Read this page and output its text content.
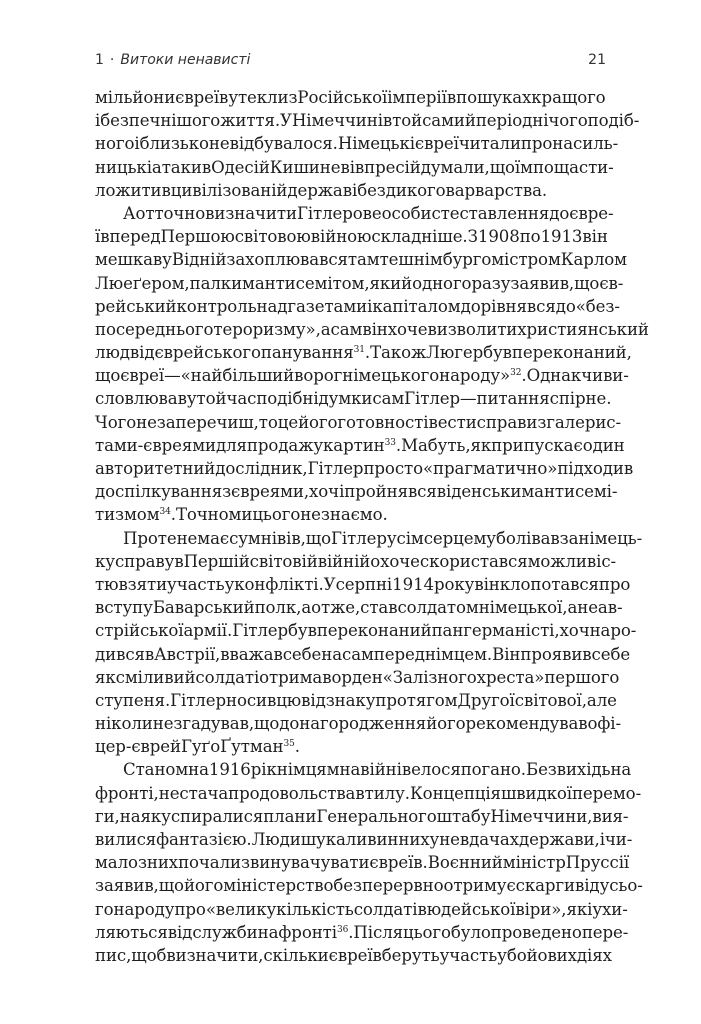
1 · Витоки ненависті	21
мільйони євреїв утекли з Російської імперії в пошуках кращого
і безпечнішого життя. У Німеччині в той самий період нічого подіб-
ного і близько не відбувалося. Німецькі євреї читали про насиль-
ницькі атаки в Одесі й Кишиневі в пресі й думали, що їм пощасти-
ло жити в цивілізованій державі без дикого варварства.
А от точно визначити Гітлерове особисте ставлення до євре-
їв перед Першою світовою війною складніше. З 1908 по 1913 він
мешкав у Відні й захоплювався тамтешнім бургомістром Карлом
Люеґером, палким антисемітом, який одного разу заявив, що єв-
рейський контроль над газетами і капіталом дорівнявся до «без-
посереднього тероризму», а сам він хоче визволити християнський
люд від єврейського панування$^{31}$. Також Люгер був переконаний,
що євреї — «найбільший ворог німецького народу»$^{32}$. Однак чи ви-
словлював у той час подібні думки сам Гітлер — питання спірне.
Чого не заперечиш, то це його готовності вести справи з галерис-
тами-євреями для продажу картин$^{33}$. Мабуть, як припускає один
авторитетний дослідник, Гітлер просто «прагматично» підходив
до спілкування з євреями, хоч і пройнявся віденським антисемі-
тизмом$^{34}$. Точно ми цього не знаємо.
Проте немає сумнівів, що Гітлер усім серцем уболівав за німець-
ку справу в Першій світовій війні й охоче скористався можливіс-
тю взяти участь у конфлікті. У серпні 1914 року він клопотався про
вступ у Баварський полк, а отже, став солдатом німецької, а не ав-
стрійської армії. Гітлер був переконаний пангерманіст і, хоч наро-
дився в Австрії, вважав себе насамперед німцем. Він проявив себе
як сміливий солдат і отримав орден «Залізного хреста» першого
ступеня. Гітлер носив цю відзнаку протягом Другої світової, але
ніколи не згадував, що до нагородження його рекомендував офі-
цер-єврей Гуґо Ґутман$^{35}$.
Станом на 1916 рік німцям на війні велося погано. Безвихідь на
фронті, нестача продовольства в тилу. Концепція швидкої перемо-
ги, на яку спиралися плани Генерального штабу Німеччини, вия-
вилися фантазією. Люди шукали винних у невдачах держави, і чи-
мало з них почали звинувачувати євреїв. Воєнний міністр Пруссії
заявив, що його міністерство безперервно отримує скарги від усьо-
го народу про «велику кількість солдатів юдейської віри», які ухи-
ляються від служби на фронті$^{36}$. Після цього було проведено пере-
пис, щоб визначити, скільки євреїв беруть участь у бойових діях
